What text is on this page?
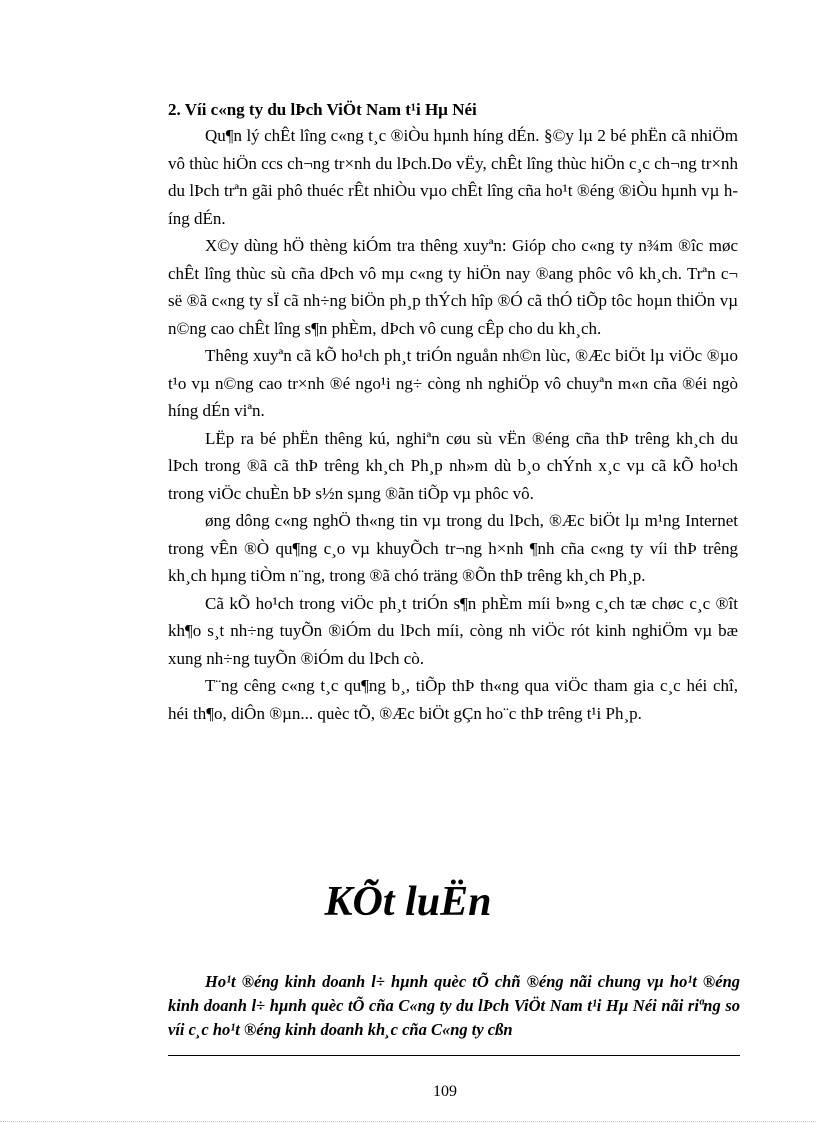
2. Víi c«ng ty du lÞch ViÖt Nam t¹i Hµ Néi

Qu¶n lý chÊt lîng c«ng t¸c ®iÒu hµnh híng dÉn. §©y lµ 2 bé phËn cã nhiÖm vô thùc hiÖn ccs ch¬ng tr×nh du lÞch.Do vËy, chÊt lîng thùc hiÖn c¸c ch¬ng tr×nh du lÞch trªn gãi phô thuéc rÊt nhiÒu vµo chÊt lîng cña ho¹t ®éng ®iÒu hµnh vµ híng dÉn.

X©y dùng hÖ thèng kiÓm tra thêng xuyªn: Gióp cho c«ng ty n¾m ®îc møc chÊt lîng thùc sù cña dÞch vô mµ c«ng ty hiÖn nay ®ang phôc vô kh¸ch. Trªn c¬ së ®ã c«ng ty sÏ cã nh÷ng biÖn ph¸p thÝch hîp ®Ó cã thÓ tiÕp tôc hoµn thiÖn vµ n©ng cao chÊt lîng s¶n phÈm, dÞch vô cung cÊp cho du kh¸ch.

Thêng xuyªn cã kÕ ho¹ch ph¸t triÓn nguån nh©n lùc, ®Æc biÖt lµ viÖc ®µo t¹o vµ n©ng cao tr×nh ®é ngo¹i ng÷ còng nh nghiÖp vô chuyªn m«n cña ®éi ngò híng dÉn viªn.

LËp ra bé phËn thêng kú, nghiªn cøu sù vËn ®éng cña thÞ trêng kh¸ch du lÞch trong ®ã cã thÞ trêng kh¸ch Ph¸p nh»m dù b¸o chÝnh x¸c vµ cã kÕ ho¹ch trong viÖc chuÈn bÞ s½n sµng ®ãn tiÕp vµ phôc vô.

øng dông c«ng nghÖ th«ng tin vµ trong du lÞch, ®Æc biÖt lµ m¹ng Internet trong vÊn ®Ò qu¶ng c¸o vµ khuyÕch tr¬ng h×nh ¶nh cña c«ng ty víi thÞ trêng kh¸ch hµng tiÒm n¨ng, trong ®ã chó träng ®Õn thÞ trêng kh¸ch Ph¸p.

Cã kÕ ho¹ch trong viÖc ph¸t triÓn s¶n phÈm míi b»ng c¸ch tæ chøc c¸c ®ît kh¶o s¸t nh÷ng tuyÕn ®iÓm du lÞch míi, còng nh viÖc rót kinh nghiÖm vµ bæ xung nh÷ng tuyÕn ®iÓm du lÞch cò.

T¨ng cêng c«ng t¸c qu¶ng b¸, tiÕp thÞ th«ng qua viÖc tham gia c¸c héi chî, héi th¶o, diÔn ®µn... quèc tÕ, ®Æc biÖt gÇn ho¨c thÞ trêng t¹i Ph¸p.

KÕt luËn

Ho¹t ®éng kinh doanh l÷ hµnh quèc tÕ chñ ®éng nãi chung vµ ho¹t ®éng kinh doanh l÷ hµnh quèc tÕ cña C«ng ty du lÞch ViÖt Nam t¹i Hµ Néi nãi riªng so víi c¸c ho¹t ®éng kinh doanh kh¸c cña C«ng ty cßn

109
